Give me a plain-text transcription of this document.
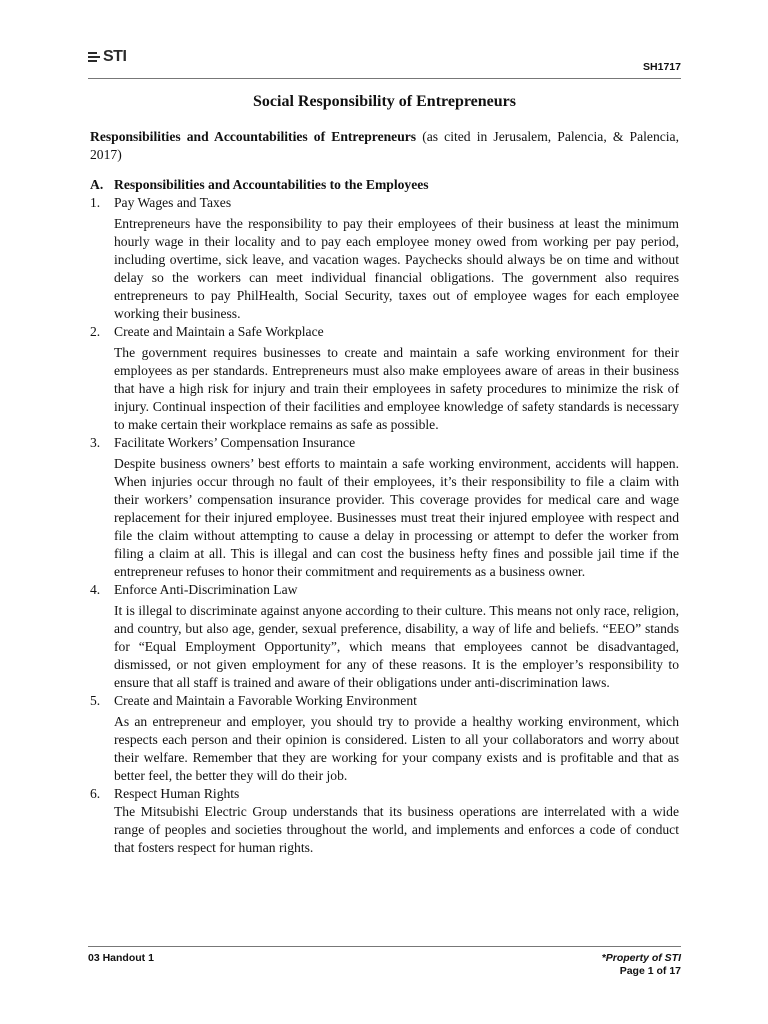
STI
SH1717
Social Responsibility of Entrepreneurs

Responsibilities and Accountabilities of Entrepreneurs (as cited in Jerusalem, Palencia, & Palencia, 2017)

A. Responsibilities and Accountabilities to the Employees

1.	Pay Wages and Taxes

Entrepreneurs have the responsibility to pay their employees of their business at least the minimum hourly wage in their locality and to pay each employee money owed from working per pay period, including overtime, sick leave, and vacation wages. Paychecks should always be on time and without delay so the workers can meet individual financial obligations. The government also requires entrepreneurs to pay PhilHealth, Social Security, taxes out of employee wages for each employee working their business.

2.	Create and Maintain a Safe Workplace

The government requires businesses to create and maintain a safe working environment for their employees as per standards. Entrepreneurs must also make employees aware of areas in their business that have a high risk for injury and train their employees in safety procedures to minimize the risk of injury. Continual inspection of their facilities and employee knowledge of safety standards is necessary to make certain their workplace remains as safe as possible.

3.	Facilitate Workers’ Compensation Insurance

Despite business owners’ best efforts to maintain a safe working environment, accidents will happen. When injuries occur through no fault of their employees, it’s their responsibility to file a claim with their workers’ compensation insurance provider. This coverage provides for medical care and wage replacement for their injured employee. Businesses must treat their injured employee with respect and file the claim without attempting to cause a delay in processing or attempt to defer the worker from filing a claim at all. This is illegal and can cost the business hefty fines and possible jail time if the entrepreneur refuses to honor their commitment and requirements as a business owner.

4.	Enforce Anti-Discrimination Law

It is illegal to discriminate against anyone according to their culture. This means not only race, religion, and country, but also age, gender, sexual preference, disability, a way of life and beliefs. “EEO” stands for “Equal Employment Opportunity”, which means that employees cannot be disadvantaged, dismissed, or not given employment for any of these reasons. It is the employer’s responsibility to ensure that all staff is trained and aware of their obligations under anti-discrimination laws.

5.	Create and Maintain a Favorable Working Environment

As an entrepreneur and employer, you should try to provide a healthy working environment, which respects each person and their opinion is considered. Listen to all your collaborators and worry about their welfare. Remember that they are working for your company exists and is profitable and that as better feel, the better they will do their job.

6.	Respect Human Rights

The Mitsubishi Electric Group understands that its business operations are interrelated with a wide range of peoples and societies throughout the world, and implements and enforces a code of conduct that fosters respect for human rights.

03 Handout 1	*Property of STI
Page 1 of 17
